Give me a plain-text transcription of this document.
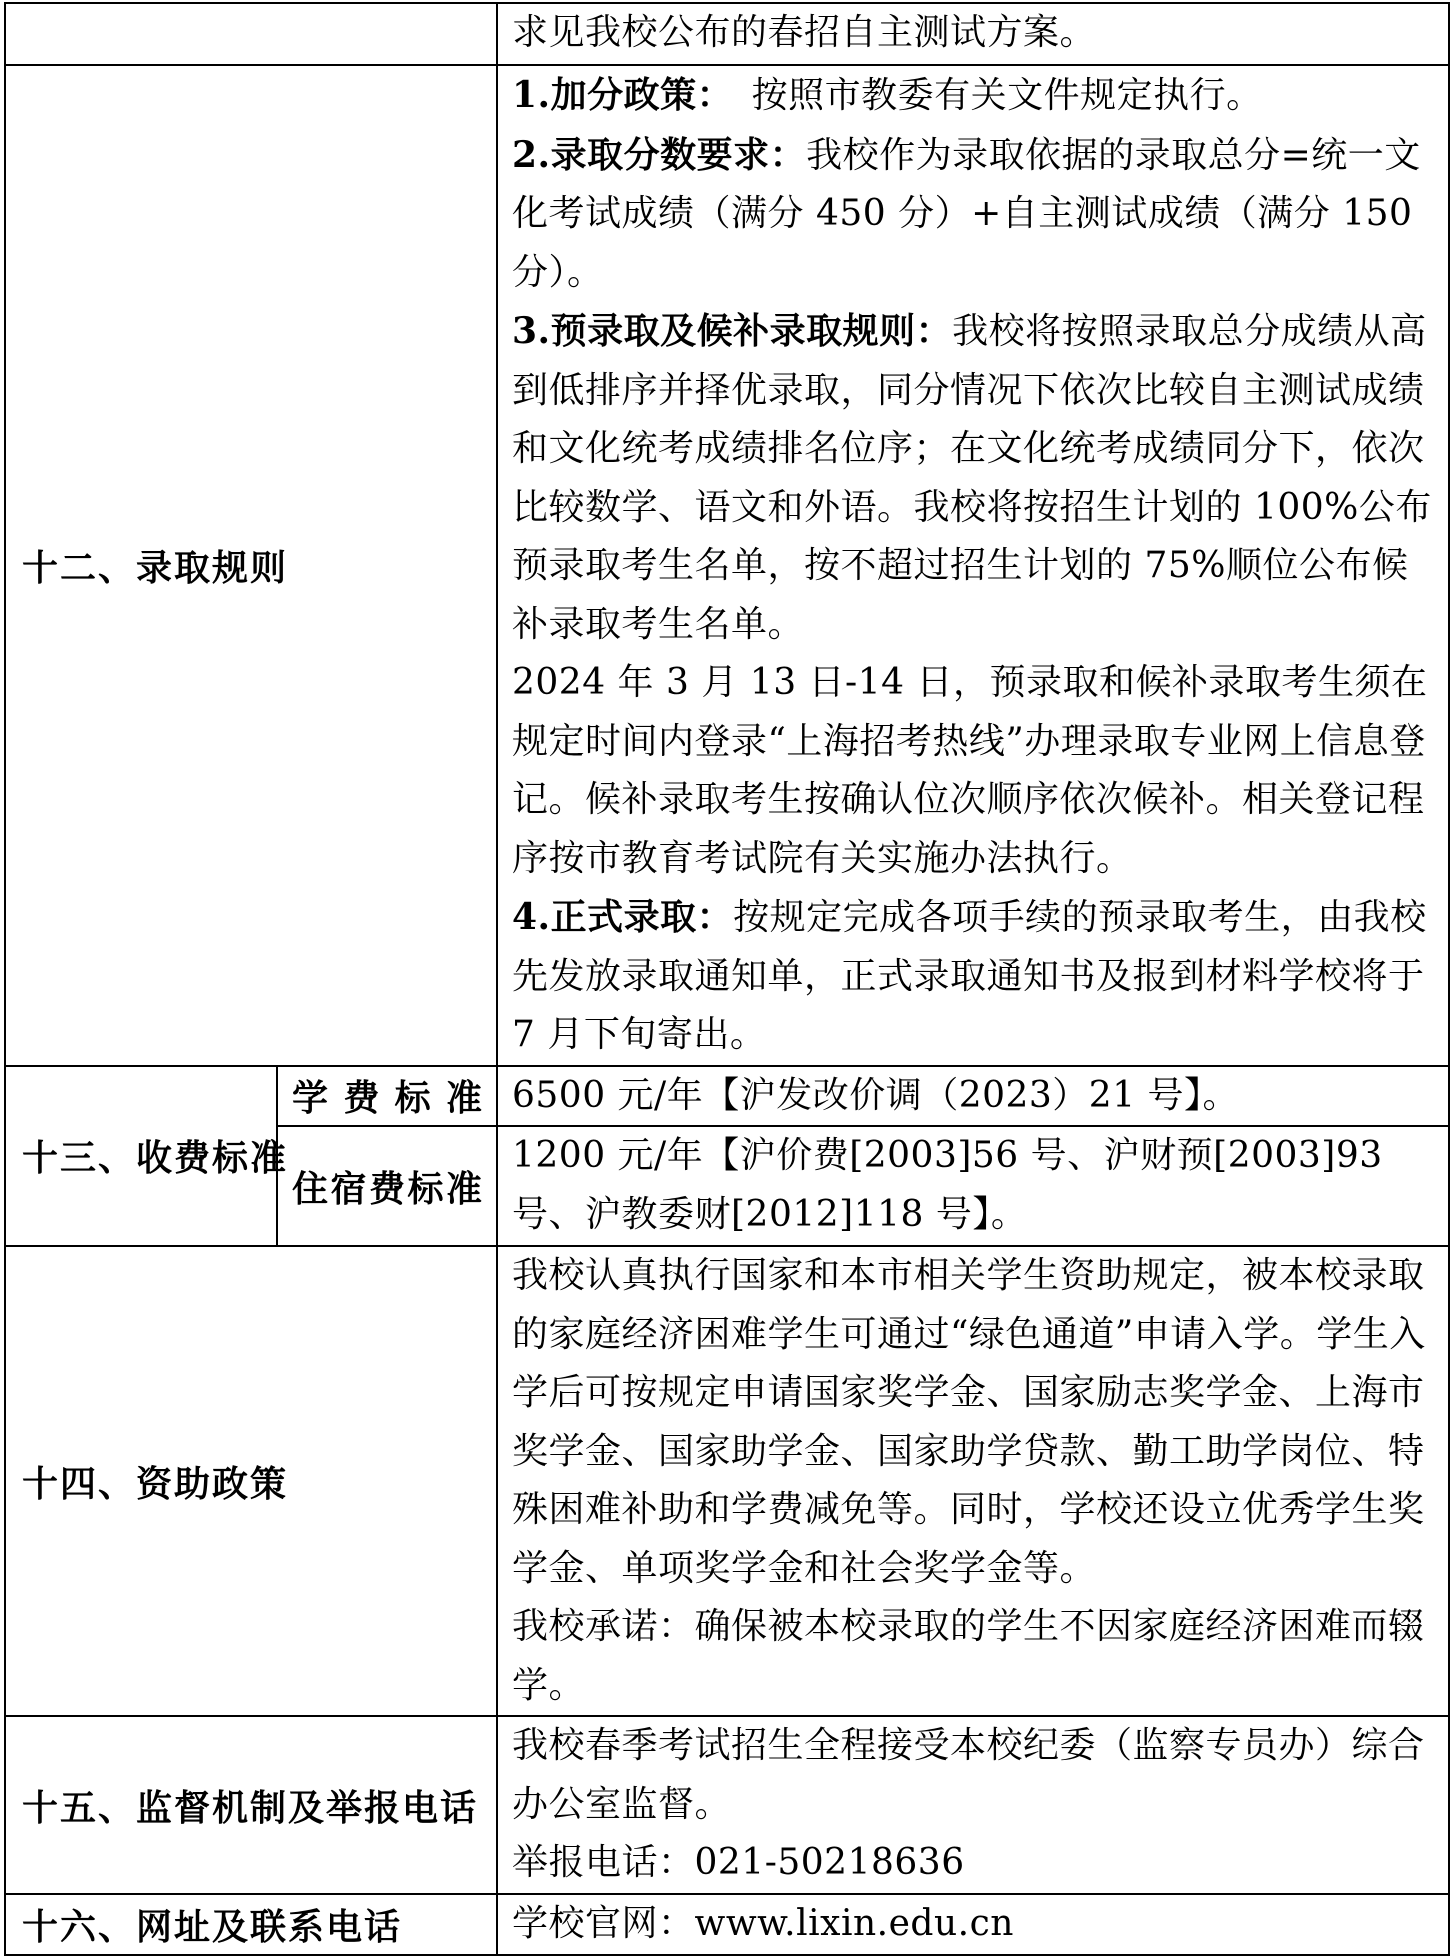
		求见我校公布的春招自主测试方案。

十二、录取规则		1.加分政策：　按照市教委有关文件规定执行。

2.录取分数要求：我校作为录取依据的录取总分=统一文化考试成绩（满分 450 分）+自主测试成绩（满分 150 分）。

3.预录取及候补录取规则：我校将按照录取总分成绩从高到低排序并择优录取，同分情况下依次比较自主测试成绩和文化统考成绩排名位序；在文化统考成绩同分下，依次比较数学、语文和外语。我校将按招生计划的 100%公布预录取考生名单，按不超过招生计划的 75%顺位公布候补录取考生名单。

2024 年 3 月 13 日-14 日，预录取和候补录取考生须在规定时间内登录“上海招考热线”办理录取专业网上信息登记。候补录取考生按确认位次顺序依次候补。相关登记程序按市教育考试院有关实施办法执行。

4.正式录取：按规定完成各项手续的预录取考生，由我校先发放录取通知单，正式录取通知书及报到材料学校将于 7 月下旬寄出。

十三、收费标准	学 费 标 准	6500 元/年【沪发改价调（2023）21 号】。

	住 宿 费 标 准	1200 元/年【沪价费[2003]56 号、沪财预[2003]93 号、沪教委财[2012]118 号】。

十四、资助政策		我校认真执行国家和本市相关学生资助规定，被本校录取的家庭经济困难学生可通过“绿色通道”申请入学。学生入学后可按规定申请国家奖学金、国家励志奖学金、上海市奖学金、国家助学金、国家助学贷款、勤工助学岗位、特殊困难补助和学费减免等。同时，学校还设立优秀学生奖学金、单项奖学金和社会奖学金等。

我校承诺：确保被本校录取的学生不因家庭经济困难而辍学。

十五、监督机制及举报电话		我校春季考试招生全程接受本校纪委（监察专员办）综合办公室监督。

举报电话：021-50218636

十六、网址及联系电话		学校官网：www.lixin.edu.cn
